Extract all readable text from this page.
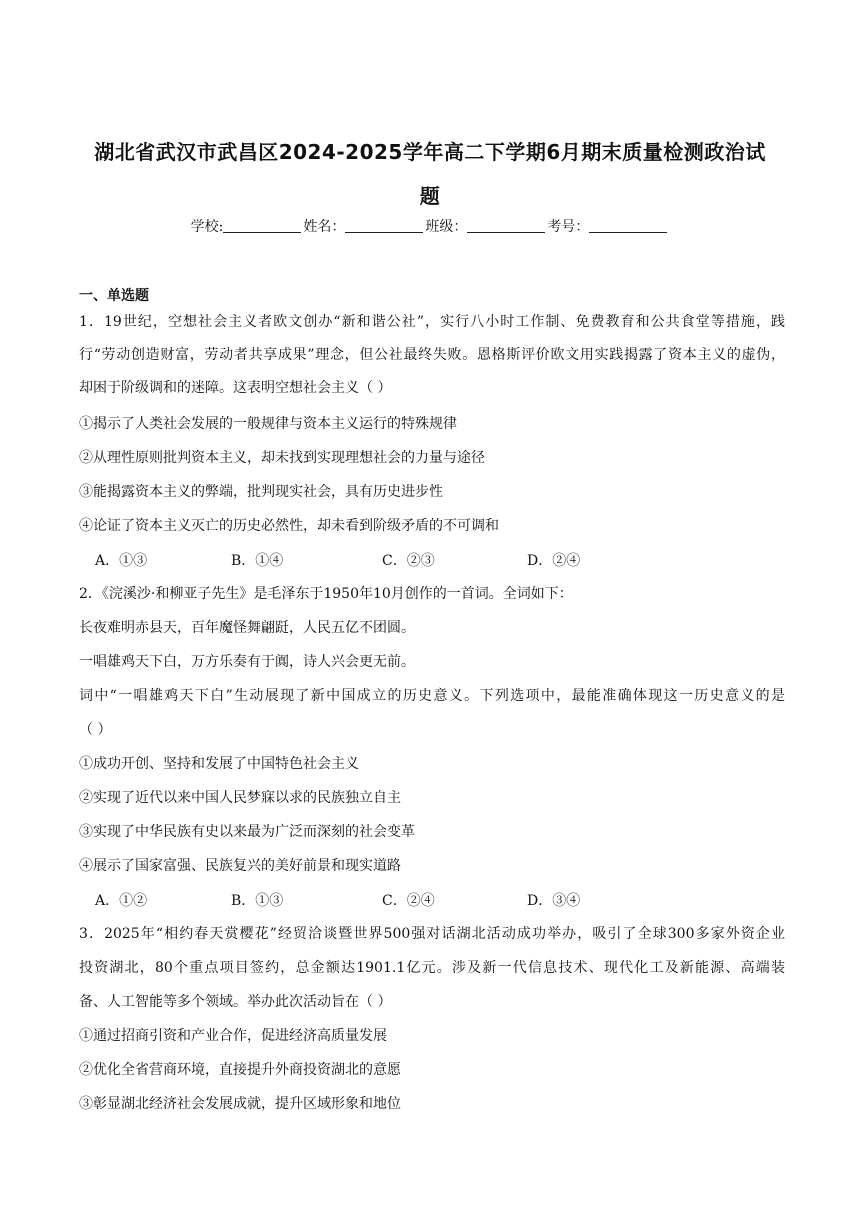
湖北省武汉市武昌区2024-2025学年高二下学期6月期末质量检测政治试
题
学校:	姓名：	班级：	考号：
一、单选题
1．19世纪，空想社会主义者欧文创办“新和谐公社”，实行八小时工作制、免费教育和公共食堂等措施，践
行“劳动创造财富，劳动者共享成果”理念，但公社最终失败。恩格斯评价欧文用实践揭露了资本主义的虚伪，
却困于阶级调和的迷障。这表明空想社会主义（ ）
①揭示了人类社会发展的一般规律与资本主义运行的特殊规律
②从理性原则批判资本主义，却未找到实现理想社会的力量与途径
③能揭露资本主义的弊端，批判现实社会，具有历史进步性
④论证了资本主义灭亡的历史必然性，却未看到阶级矛盾的不可调和
A．①③	B．①④	C．②③	D．②④
2．《浣溪沙·和柳亚子先生》是毛泽东于1950年10月创作的一首词。全词如下：
长夜难明赤县天，百年魔怪舞翩跹，人民五亿不团圆。
一唱雄鸡天下白，万方乐奏有于阗，诗人兴会更无前。
词中“一唱雄鸡天下白”生动展现了新中国成立的历史意义。下列选项中，最能准确体现这一历史意义的是
（ ）
①成功开创、坚持和发展了中国特色社会主义
②实现了近代以来中国人民梦寐以求的民族独立自主
③实现了中华民族有史以来最为广泛而深刻的社会变革
④展示了国家富强、民族复兴的美好前景和现实道路
A．①②	B．①③	C．②④	D．③④
3．2025年“相约春天赏樱花”经贸洽谈暨世界500强对话湖北活动成功举办，吸引了全球300多家外资企业
投资湖北，80个重点项目签约，总金额达1901.1亿元。涉及新一代信息技术、现代化工及新能源、高端装
备、人工智能等多个领域。举办此次活动旨在（ ）
①通过招商引资和产业合作，促进经济高质量发展
②优化全省营商环境，直接提升外商投资湖北的意愿
③彰显湖北经济社会发展成就，提升区域形象和地位
